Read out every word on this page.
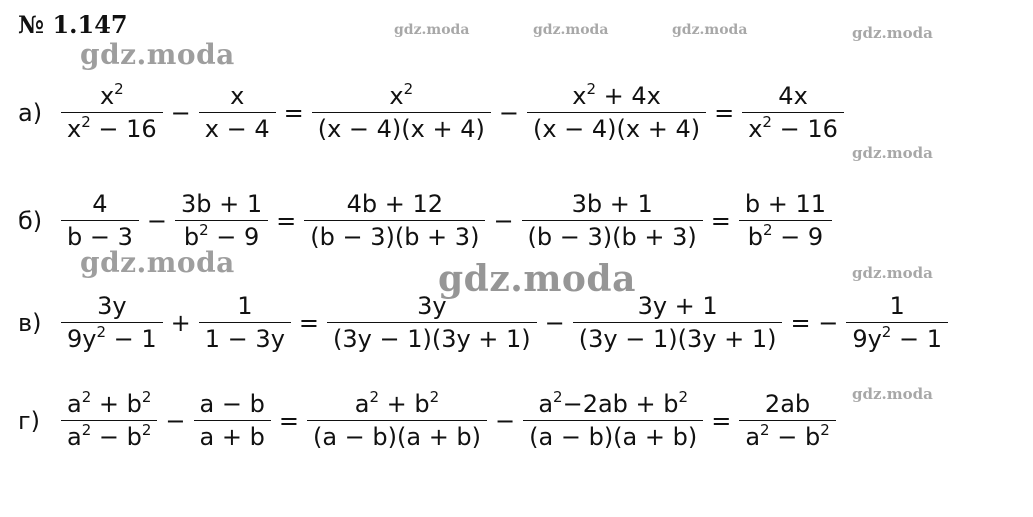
№ 1.147	gdz.moda	gdz.moda	gdz.moda	gdz.moda
gdz.moda
gdz.moda
gdz.moda	gdz.moda	gdz.moda
gdz.moda
$а) \frac{x^2}{x^2 - 16} - \frac{x}{x - 4} = \frac{x^2}{(x - 4)(x + 4)} - \frac{x^2 + 4x}{(x - 4)(x + 4)} = \frac{4x}{x^2 - 16}$
$б) \frac{4}{b - 3} - \frac{3b + 1}{b^2 - 9} = \frac{4b + 12}{(b - 3)(b + 3)} - \frac{3b + 1}{(b - 3)(b + 3)} = \frac{b + 11}{b^2 - 9}$
$в) \frac{3y}{9y^2 - 1} + \frac{1}{1 - 3y} = \frac{3y}{(3y - 1)(3y + 1)} - \frac{3y + 1}{(3y - 1)(3y + 1)}$ = − $\frac{1}{9y^2 - 1}$
$г) \frac{a^2 + b^2}{a^2 - b^2} - \frac{a - b}{a + b} = \frac{a^2 + b^2}{(a - b)(a + b)} - \frac{a^2-2ab + b^2}{(a - b)(a + b)} = \frac{2ab}{a^2 - b^2}$
